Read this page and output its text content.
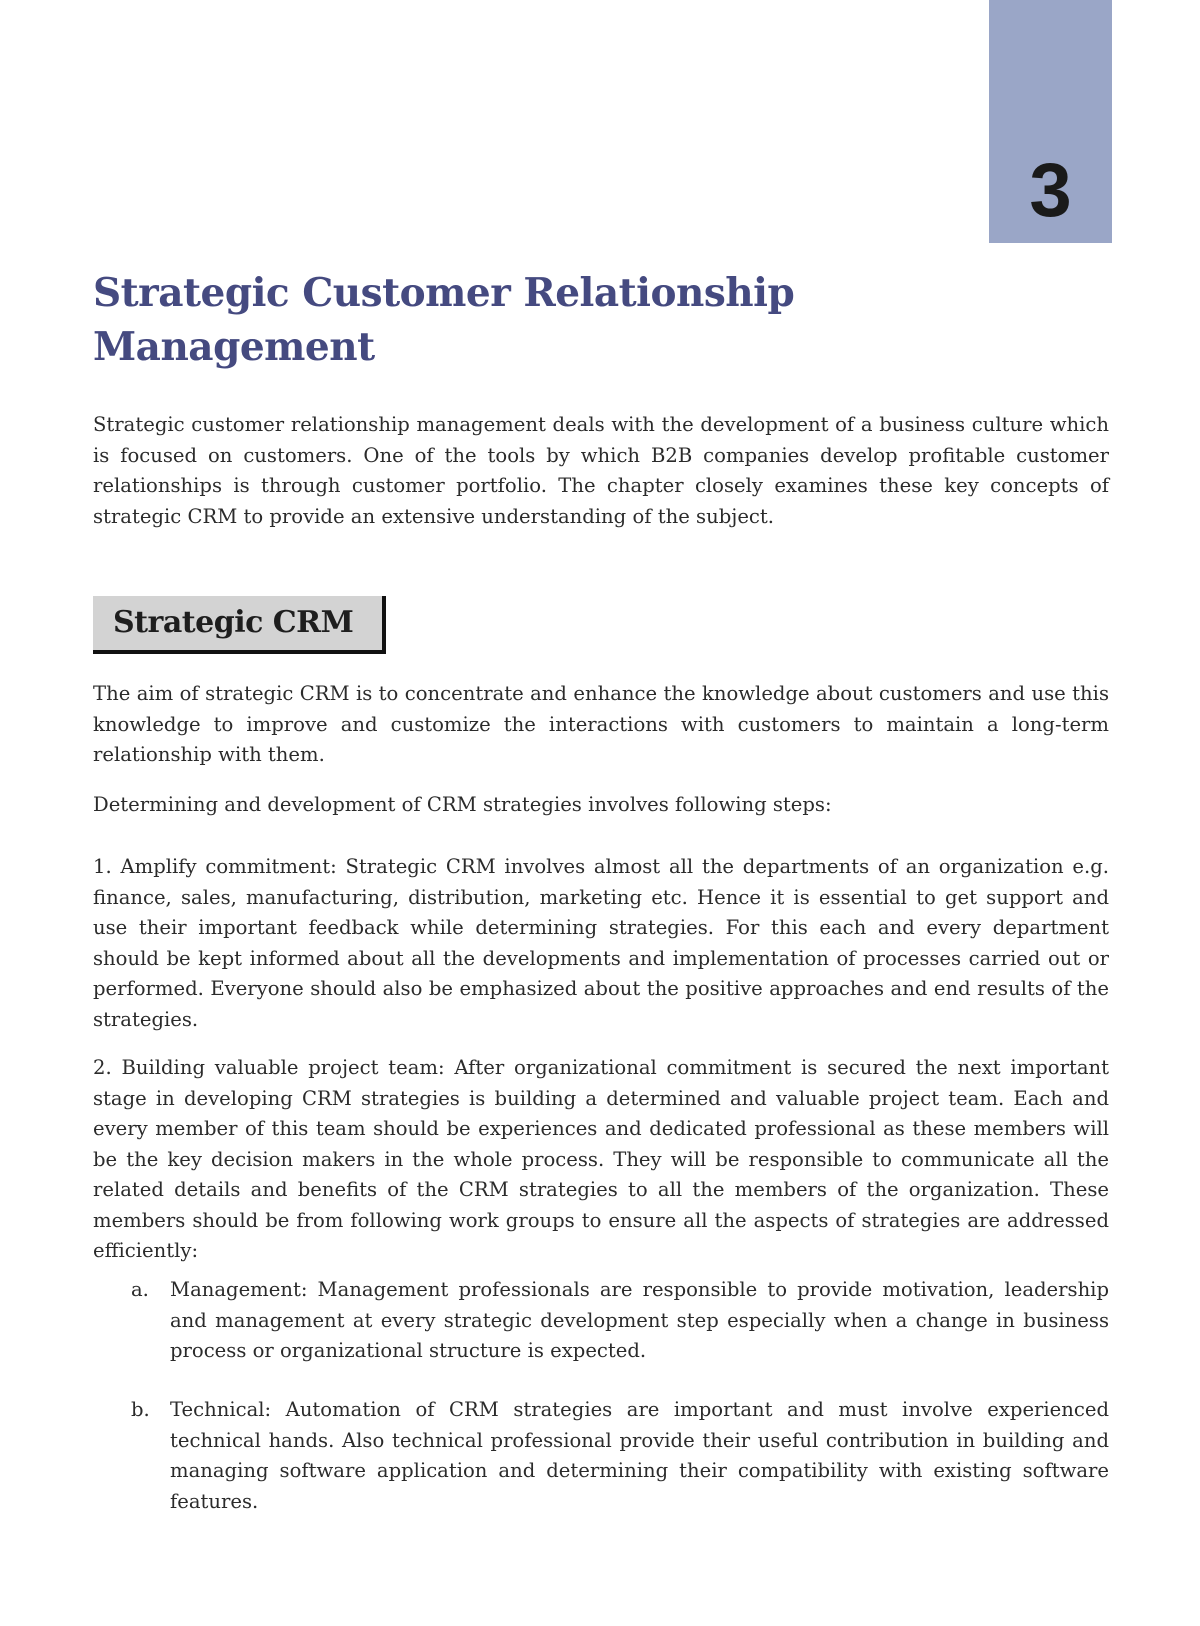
3
Strategic Customer Relationship
Management

Strategic customer relationship management deals with the development of a business culture which is focused on customers. One of the tools by which B2B companies develop profitable customer relationships is through customer portfolio. The chapter closely examines these key concepts of strategic CRM to provide an extensive understanding of the subject.

Strategic CRM

The aim of strategic CRM is to concentrate and enhance the knowledge about customers and use this knowledge to improve and customize the interactions with customers to maintain a long-term relationship with them.

Determining and development of CRM strategies involves following steps:

1. Amplify commitment: Strategic CRM involves almost all the departments of an organization e.g. finance, sales, manufacturing, distribution, marketing etc. Hence it is essential to get support and use their important feedback while determining strategies. For this each and every department should be kept informed about all the developments and implementation of processes carried out or performed. Everyone should also be emphasized about the positive approaches and end results of the strategies.

2. Building valuable project team: After organizational commitment is secured the next important stage in developing CRM strategies is building a determined and valuable project team. Each and every member of this team should be experiences and dedicated professional as these members will be the key decision makers in the whole process. They will be responsible to communicate all the related details and benefits of the CRM strategies to all the members of the organization. These members should be from following work groups to ensure all the aspects of strategies are addressed efficiently:

a. Management: Management professionals are responsible to provide motivation, leadership and management at every strategic development step especially when a change in business process or organizational structure is expected.

b. Technical: Automation of CRM strategies are important and must involve experienced technical hands. Also technical professional provide their useful contribution in building and managing software application and determining their compatibility with existing software features.
